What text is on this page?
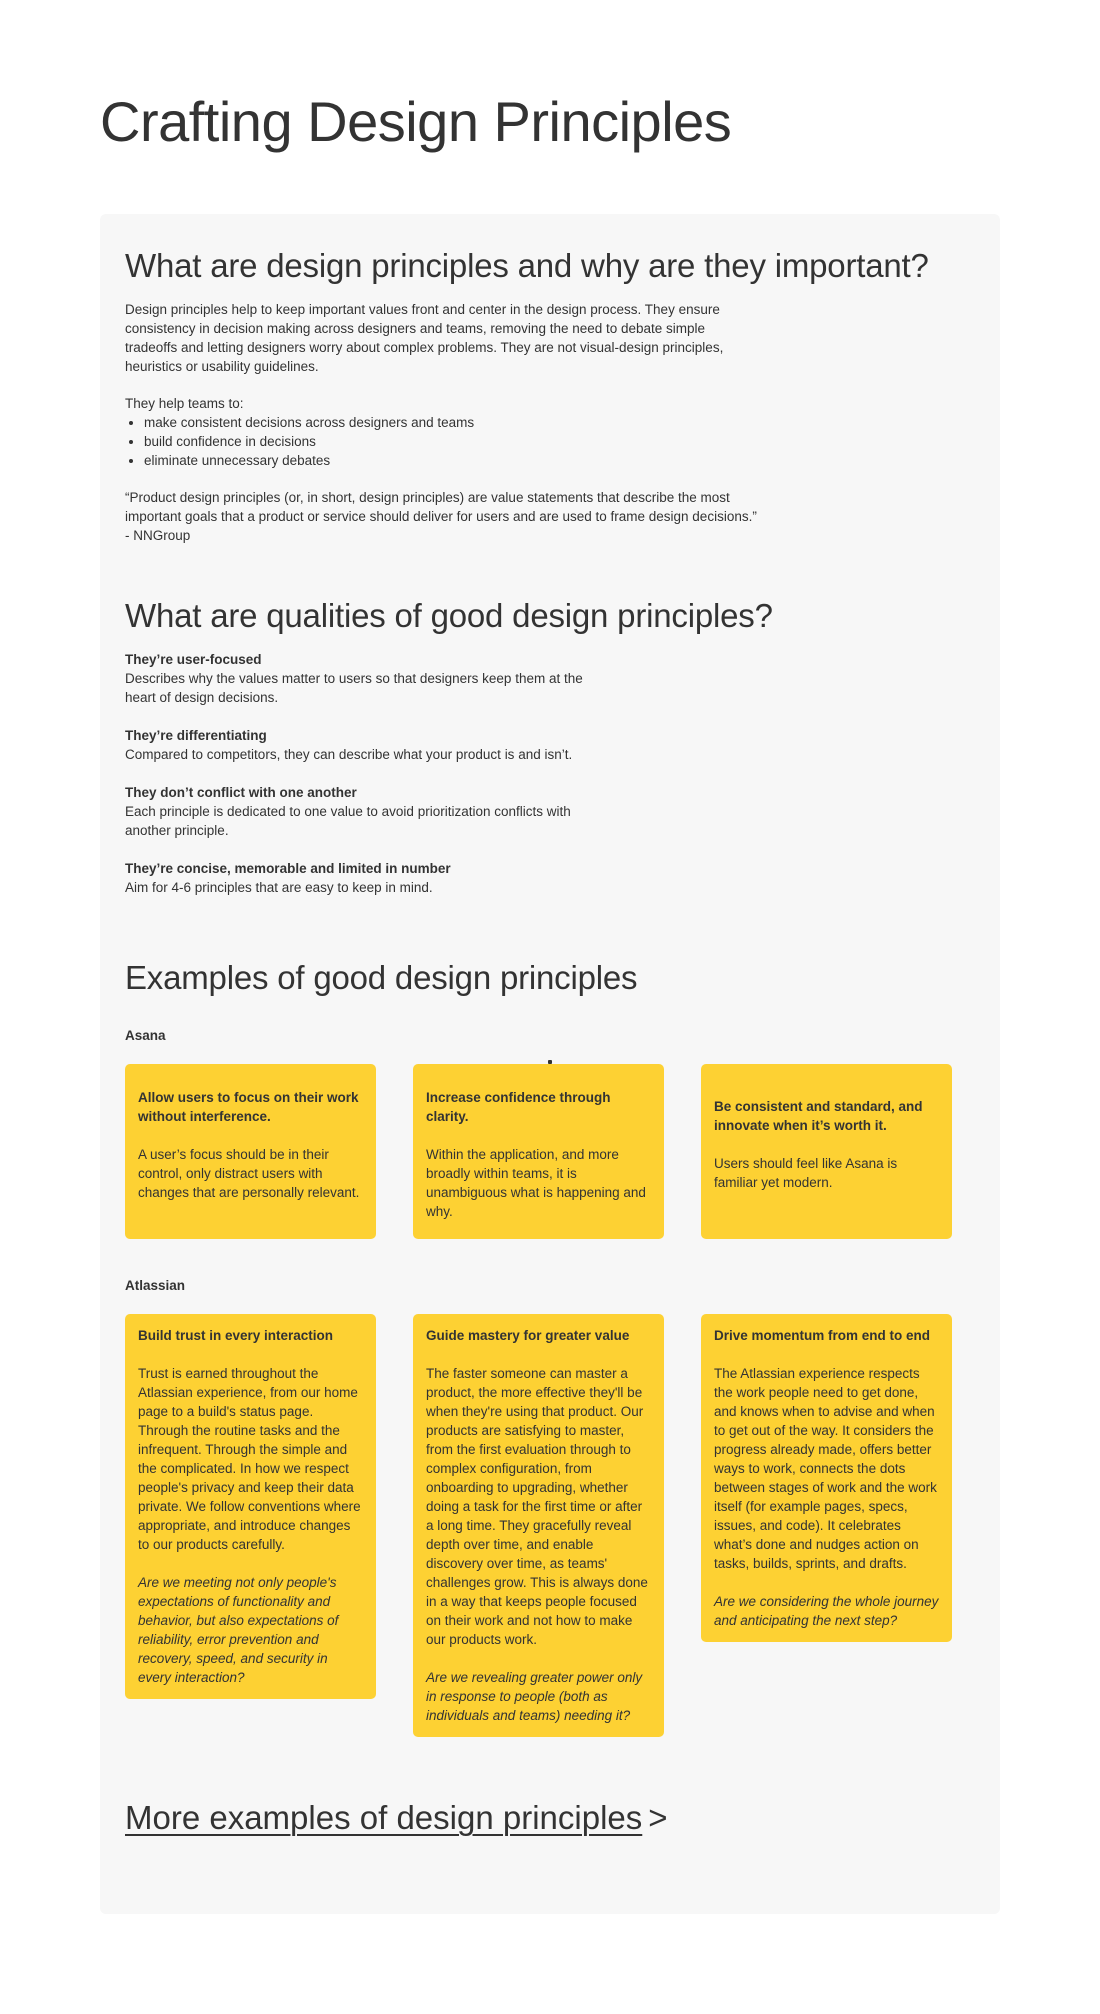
Crafting Design Principles
What are design principles and why are they important?

Design principles help to keep important values front and center in the design process. They ensure consistency in decision making across designers and teams, removing the need to debate simple tradeoffs and letting designers worry about complex problems. They are not visual-design principles, heuristics or usability guidelines.

They help teams to:

• make consistent decisions across designers and teams
• build confidence in decisions
• eliminate unnecessary debates

“Product design principles (or, in short, design principles) are value statements that describe the most important goals that a product or service should deliver for users and are used to frame design decisions.”
- NNGroup

What are qualities of good design principles?
They’re user-focused
Describes why the values matter to users so that designers keep them at the heart of design decisions.
They’re differentiating
Compared to competitors, they can describe what your product is and isn’t.
They don’t conflict with one another
Each principle is dedicated to one value to avoid prioritization conflicts with another principle.
They’re concise, memorable and limited in number
Aim for 4-6 principles that are easy to keep in mind.
Examples of good design principles
Asana
Allow users to focus on their work without interference.
A user’s focus should be in their control, only distract users with changes that are personally relevant.
Increase confidence through clarity.
Within the application, and more broadly within teams, it is unambiguous what is happening and why.
Be consistent and standard, and innovate when it’s worth it.
Users should feel like Asana is familiar yet modern.
Atlassian
Build trust in every interaction
Trust is earned throughout the Atlassian experience, from our home page to a build's status page. Through the routine tasks and the infrequent. Through the simple and the complicated. In how we respect people's privacy and keep their data private. We follow conventions where appropriate, and introduce changes to our products carefully.
Are we meeting not only people's expectations of functionality and behavior, but also expectations of reliability, error prevention and recovery, speed, and security in every interaction?
Guide mastery for greater value
The faster someone can master a product, the more effective they'll be when they're using that product. Our products are satisfying to master, from the first evaluation through to complex configuration, from onboarding to upgrading, whether doing a task for the first time or after a long time. They gracefully reveal depth over time, and enable discovery over time, as teams' challenges grow. This is always done in a way that keeps people focused on their work and not how to make our products work.
Are we revealing greater power only in response to people (both as individuals and teams) needing it?
Drive momentum from end to end
The Atlassian experience respects the work people need to get done, and knows when to advise and when to get out of the way. It considers the progress already made, offers better ways to work, connects the dots between stages of work and the work itself (for example pages, specs, issues, and code). It celebrates what’s done and nudges action on tasks, builds, sprints, and drafts.
Are we considering the whole journey and anticipating the next step?
More examples of design principles >
